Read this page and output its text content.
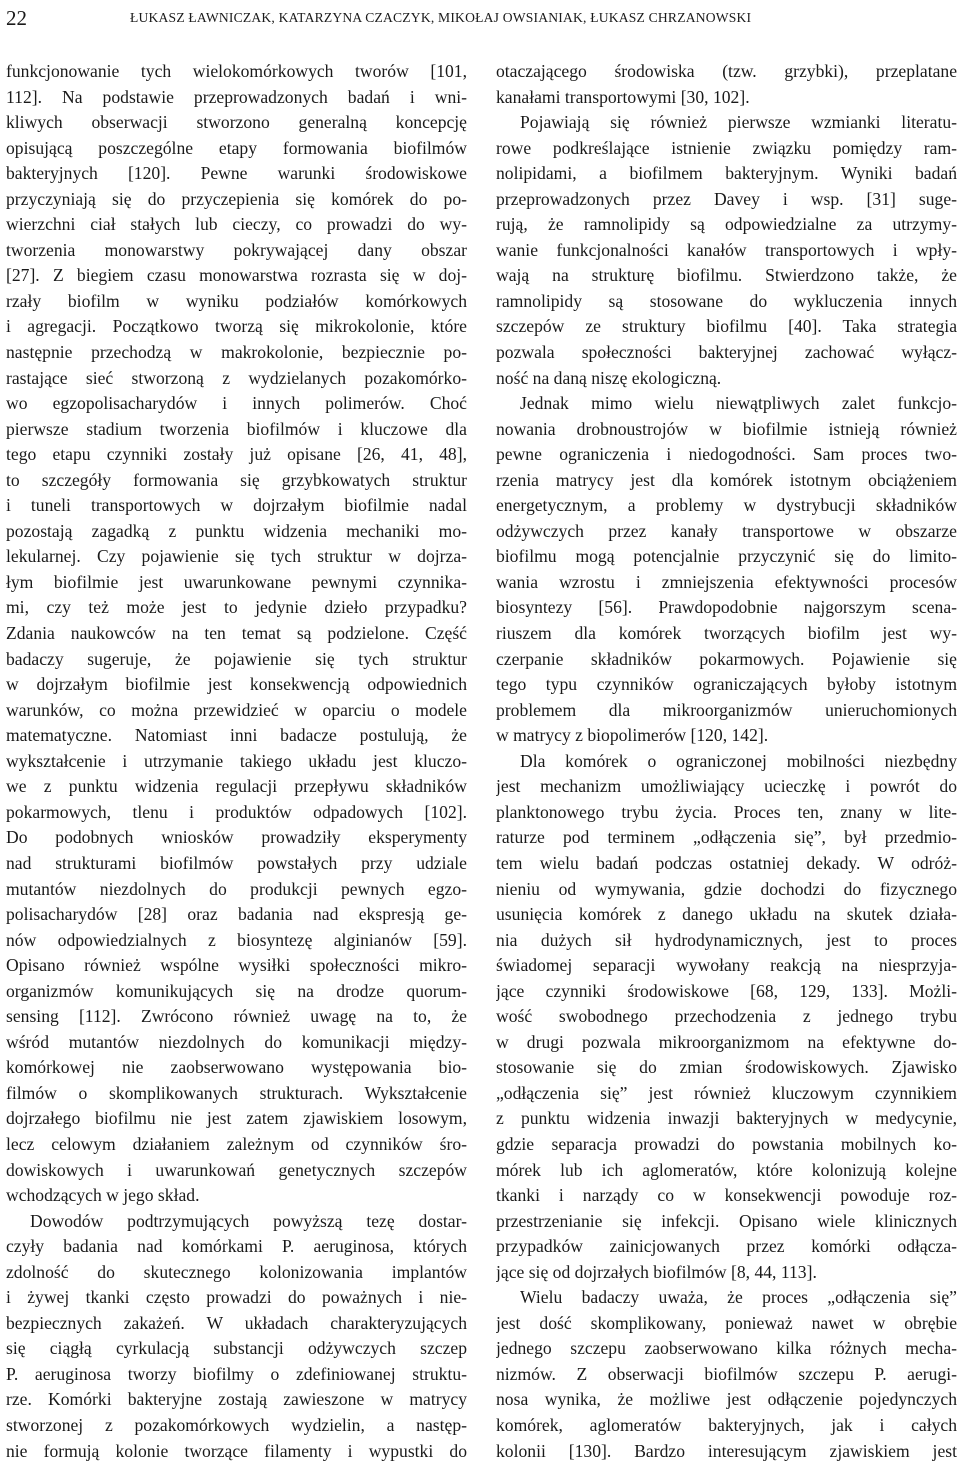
22	ŁUKASZ ŁAWNICZAK, KATARZYNA CZACZYK, MIKOŁAJ OWSIANIAK, ŁUKASZ CHRZANOWSKI
funkcjonowanie tych wielokomórkowych tworów [101,
112]. Na podstawie przeprowadzonych badań i wni-
kliwych obserwacji stworzono generalną koncepcję
opisującą poszczególne etapy formowania biofilmów
bakteryjnych [120]. Pewne warunki środowiskowe
przyczyniają się do przyczepienia się komórek do po-
wierzchni ciał stałych lub cieczy, co prowadzi do wy-
tworzenia monowarstwy pokrywającej dany obszar
[27]. Z biegiem czasu monowarstwa rozrasta się w doj-
rzały biofilm w wyniku podziałów komórkowych
i agregacji. Początkowo tworzą się mikrokolonie, które
następnie przechodzą w makrokolonie, bezpiecznie po-
rastające sieć stworzoną z wydzielanych pozakomórko-
wo egzopolisacharydów i innych polimerów. Choć
pierwsze stadium tworzenia biofilmów i kluczowe dla
tego etapu czynniki zostały już opisane [26, 41, 48],
to szczegóły formowania się grzybkowatych struktur
i tuneli transportowych w dojrzałym biofilmie nadal
pozostają zagadką z punktu widzenia mechaniki mo-
lekularnej. Czy pojawienie się tych struktur w dojrza-
łym biofilmie jest uwarunkowane pewnymi czynnika-
mi, czy też może jest to jedynie dzieło przypadku?
Zdania naukowców na ten temat są podzielone. Część
badaczy sugeruje, że pojawienie się tych struktur
w dojrzałym biofilmie jest konsekwencją odpowiednich
warunków, co można przewidzieć w oparciu o modele
matematyczne. Natomiast inni badacze postulują, że
wykształcenie i utrzymanie takiego układu jest kluczo-
we z punktu widzenia regulacji przepływu składników
pokarmowych, tlenu i produktów odpadowych [102].
Do podobnych wniosków prowadziły eksperymenty
nad strukturami biofilmów powstałych przy udziale
mutantów niezdolnych do produkcji pewnych egzo-
polisacharydów [28] oraz badania nad ekspresją ge-
nów odpowiedzialnych z biosyntezę alginianów [59].
Opisano również wspólne wysiłki społeczności mikro-
organizmów komunikujących się na drodze quorum-
sensing [112]. Zwrócono również uwagę na to, że
wśród mutantów niezdolnych do komunikacji między-
komórkowej nie zaobserwowano występowania bio-
filmów o skomplikowanych strukturach. Wykształcenie
dojrzałego biofilmu nie jest zatem zjawiskiem losowym,
lecz celowym działaniem zależnym od czynników śro-
dowiskowych i uwarunkowań genetycznych szczepów
wchodzących w jego skład.
Dowodów podtrzymujących powyższą tezę dostar-
czyły badania nad komórkami P. aeruginosa, których
zdolność do skutecznego kolonizowania implantów
i żywej tkanki często prowadzi do poważnych i nie-
bezpiecznych zakażeń. W układach charakteryzujących
się ciągłą cyrkulacją substancji odżywczych szczep
P. aeruginosa tworzy biofilmy o zdefiniowanej struktu-
rze. Komórki bakteryjne zostają zawieszone w matrycy
stworzonej z pozakomórkowych wydzielin, a następ-
nie formują kolonie tworzące filamenty i wypustki do
otaczającego środowiska (tzw. grzybki), przeplatane
kanałami transportowymi [30, 102].
Pojawiają się również pierwsze wzmianki literatu-
rowe podkreślające istnienie związku pomiędzy ram-
nolipidami, a biofilmem bakteryjnym. Wyniki badań
przeprowadzonych przez Davey i wsp. [31] suge-
rują, że ramnolipidy są odpowiedzialne za utrzymy-
wanie funkcjonalności kanałów transportowych i wpły-
wają na strukturę biofilmu. Stwierdzono także, że
ramnolipidy są stosowane do wykluczenia innych
szczepów ze struktury biofilmu [40]. Taka strategia
pozwala społeczności bakteryjnej zachować wyłącz-
ność na daną niszę ekologiczną.
Jednak mimo wielu niewątpliwych zalet funkcjo-
nowania drobnoustrojów w biofilmie istnieją również
pewne ograniczenia i niedogodności. Sam proces two-
rzenia matrycy jest dla komórek istotnym obciążeniem
energetycznym, a problemy w dystrybucji składników
odżywczych przez kanały transportowe w obszarze
biofilmu mogą potencjalnie przyczynić się do limito-
wania wzrostu i zmniejszenia efektywności procesów
biosyntezy [56]. Prawdopodobnie najgorszym scena-
riuszem dla komórek tworzących biofilm jest wy-
czerpanie składników pokarmowych. Pojawienie się
tego typu czynników ograniczających byłoby istotnym
problemem dla mikroorganizmów unieruchomionych
w matrycy z biopolimerów [120, 142].
Dla komórek o ograniczonej mobilności niezbędny
jest mechanizm umożliwiający ucieczkę i powrót do
planktonowego trybu życia. Proces ten, znany w lite-
raturze pod terminem „odłączenia się”, był przedmio-
tem wielu badań podczas ostatniej dekady. W odróż-
nieniu od wymywania, gdzie dochodzi do fizycznego
usunięcia komórek z danego układu na skutek działa-
nia dużych sił hydrodynamicznych, jest to proces
świadomej separacji wywołany reakcją na niesprzyja-
jące czynniki środowiskowe [68, 129, 133]. Możli-
wość swobodnego przechodzenia z jednego trybu
w drugi pozwala mikroorganizmom na efektywne do-
stosowanie się do zmian środowiskowych. Zjawisko
„odłączenia się” jest również kluczowym czynnikiem
z punktu widzenia inwazji bakteryjnych w medycynie,
gdzie separacja prowadzi do powstania mobilnych ko-
mórek lub ich aglomeratów, które kolonizują kolejne
tkanki i narządy co w konsekwencji powoduje roz-
przestrzenianie się infekcji. Opisano wiele klinicznych
przypadków zainicjowanych przez komórki odłącza-
jące się od dojrzałych biofilmów [8, 44, 113].
Wielu badaczy uważa, że proces „odłączenia się”
jest dość skomplikowany, ponieważ nawet w obrębie
jednego szczepu zaobserwowano kilka różnych mecha-
nizmów. Z obserwacji biofilmów szczepu P. aerugi-
nosa wynika, że możliwe jest odłączenie pojedynczych
komórek, aglomeratów bakteryjnych, jak i całych
kolonii [130]. Bardzo interesującym zjawiskiem jest
